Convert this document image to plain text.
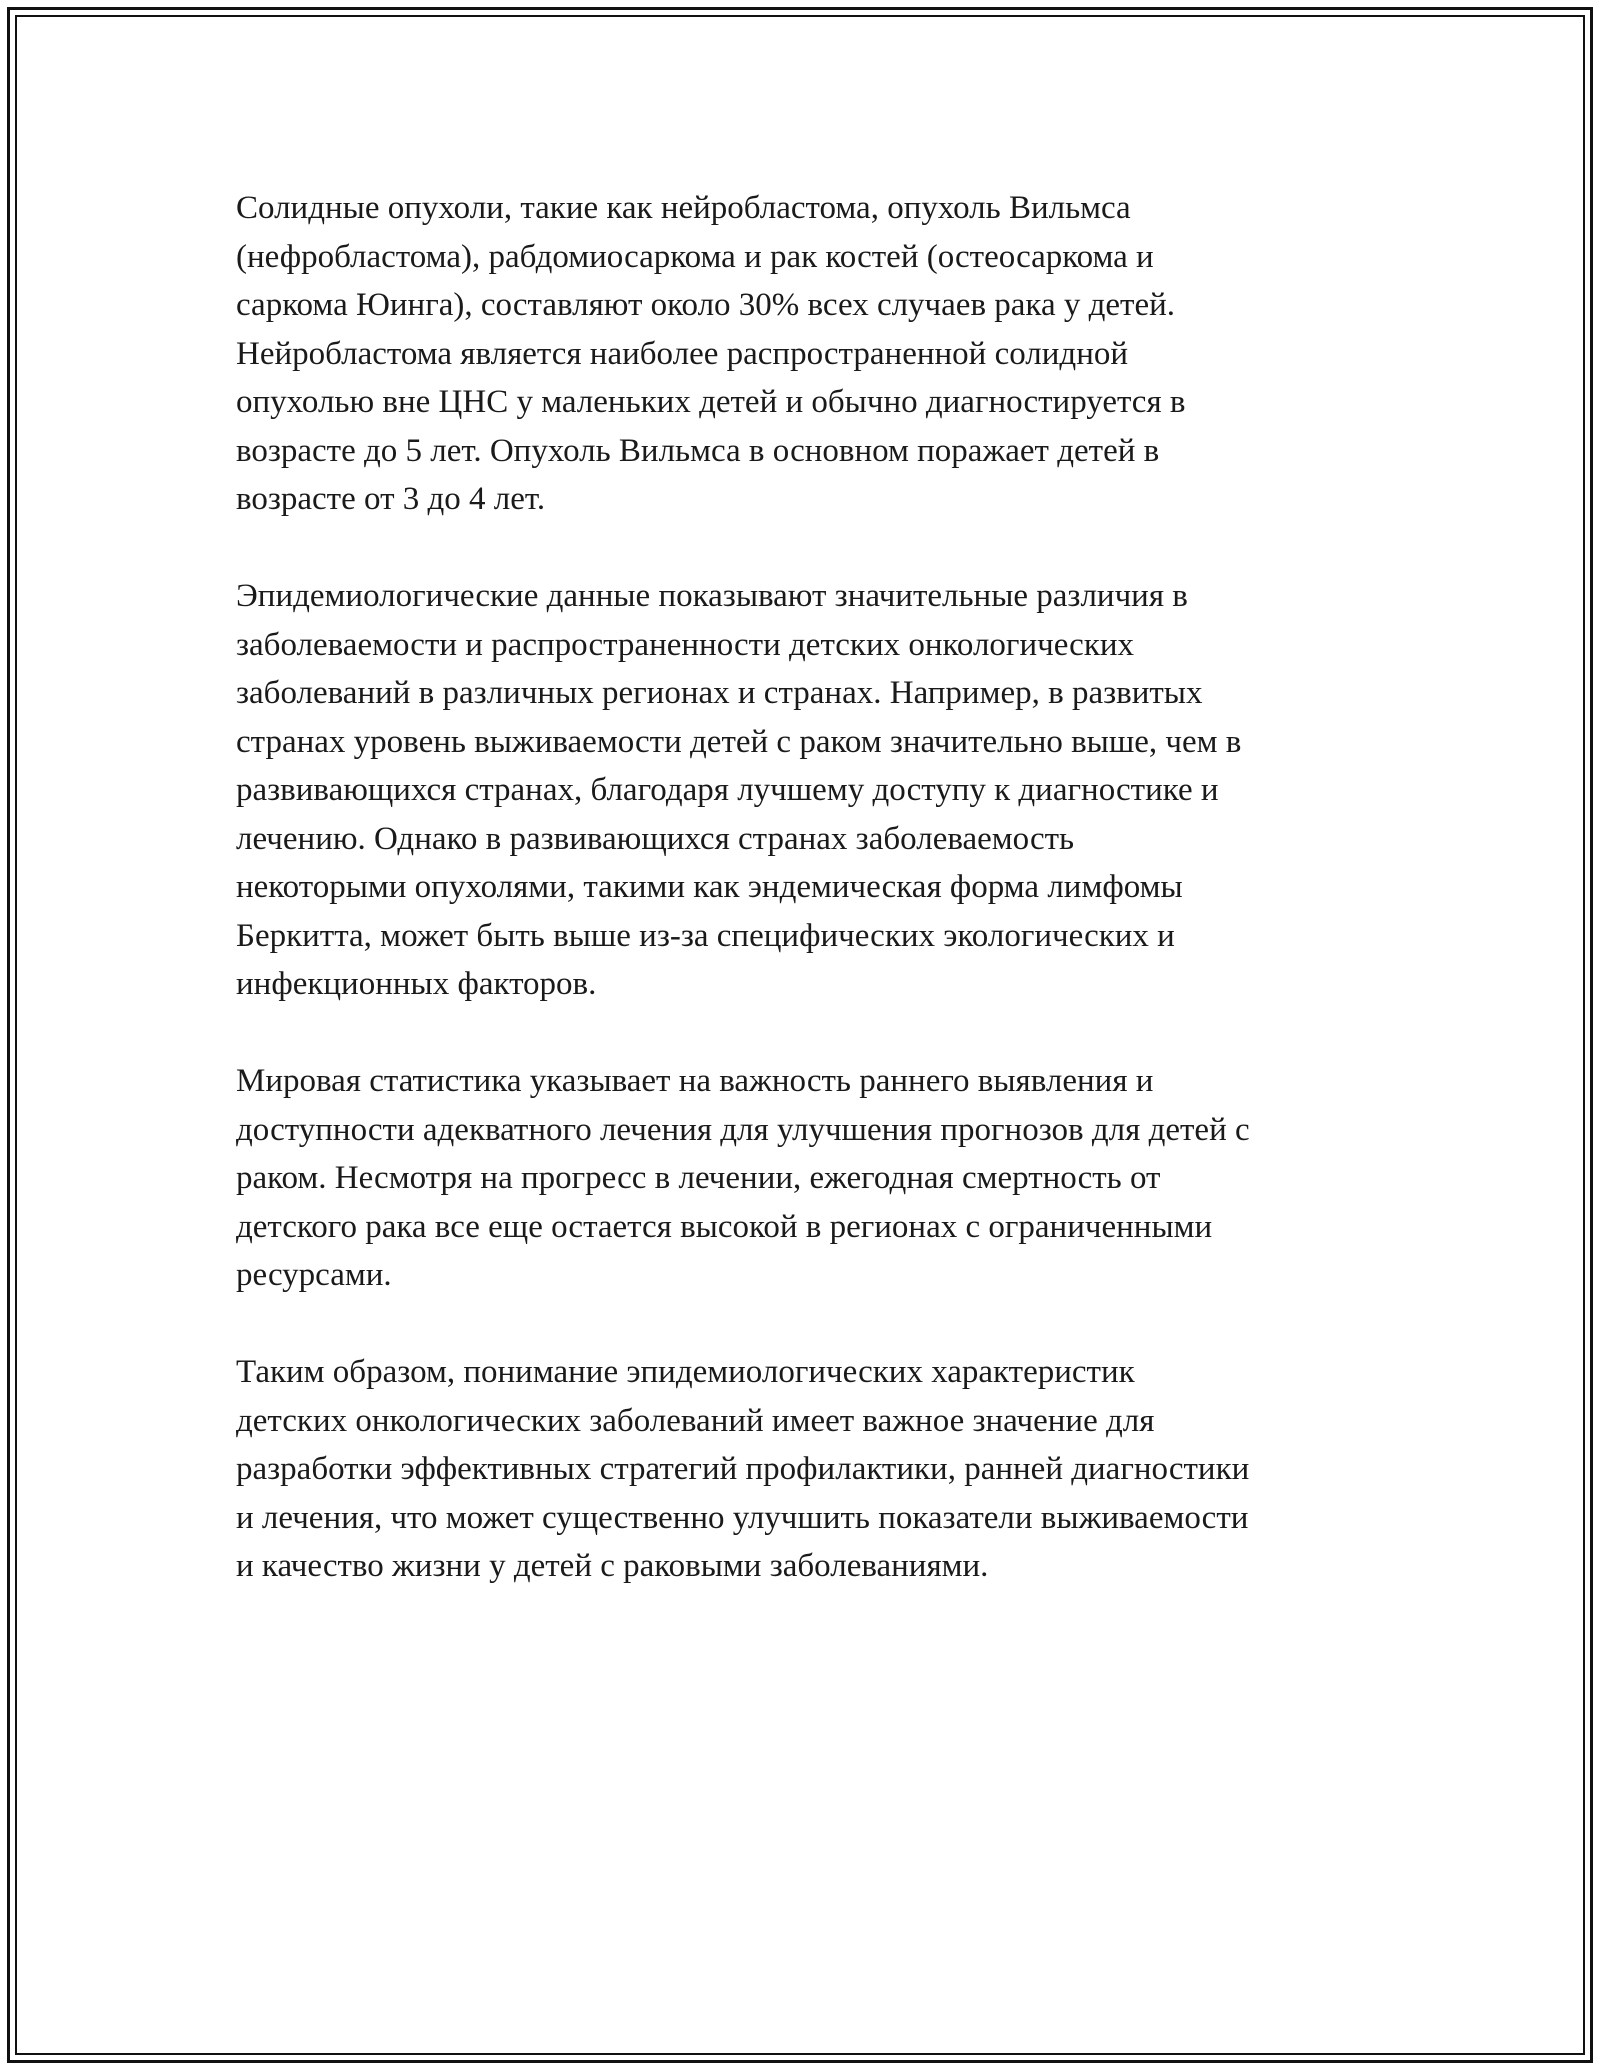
Солидные опухоли, такие как нейробластома, опухоль Вильмса
(нефробластома), рабдомиосаркома и рак костей (остеосаркома и
саркома Юинга), составляют около 30% всех случаев рака у детей.
Нейробластома является наиболее распространенной солидной
опухолью вне ЦНС у маленьких детей и обычно диагностируется в
возрасте до 5 лет. Опухоль Вильмса в основном поражает детей в
возрасте от 3 до 4 лет.

Эпидемиологические данные показывают значительные различия в
заболеваемости и распространенности детских онкологических
заболеваний в различных регионах и странах. Например, в развитых
странах уровень выживаемости детей с раком значительно выше, чем в
развивающихся странах, благодаря лучшему доступу к диагностике и
лечению. Однако в развивающихся странах заболеваемость
некоторыми опухолями, такими как эндемическая форма лимфомы
Беркитта, может быть выше из-за специфических экологических и
инфекционных факторов.

Мировая статистика указывает на важность раннего выявления и
доступности адекватного лечения для улучшения прогнозов для детей с
раком. Несмотря на прогресс в лечении, ежегодная смертность от
детского рака все еще остается высокой в регионах с ограниченными
ресурсами.

Таким образом, понимание эпидемиологических характеристик
детских онкологических заболеваний имеет важное значение для
разработки эффективных стратегий профилактики, ранней диагностики
и лечения, что может существенно улучшить показатели выживаемости
и качество жизни у детей с раковыми заболеваниями.
